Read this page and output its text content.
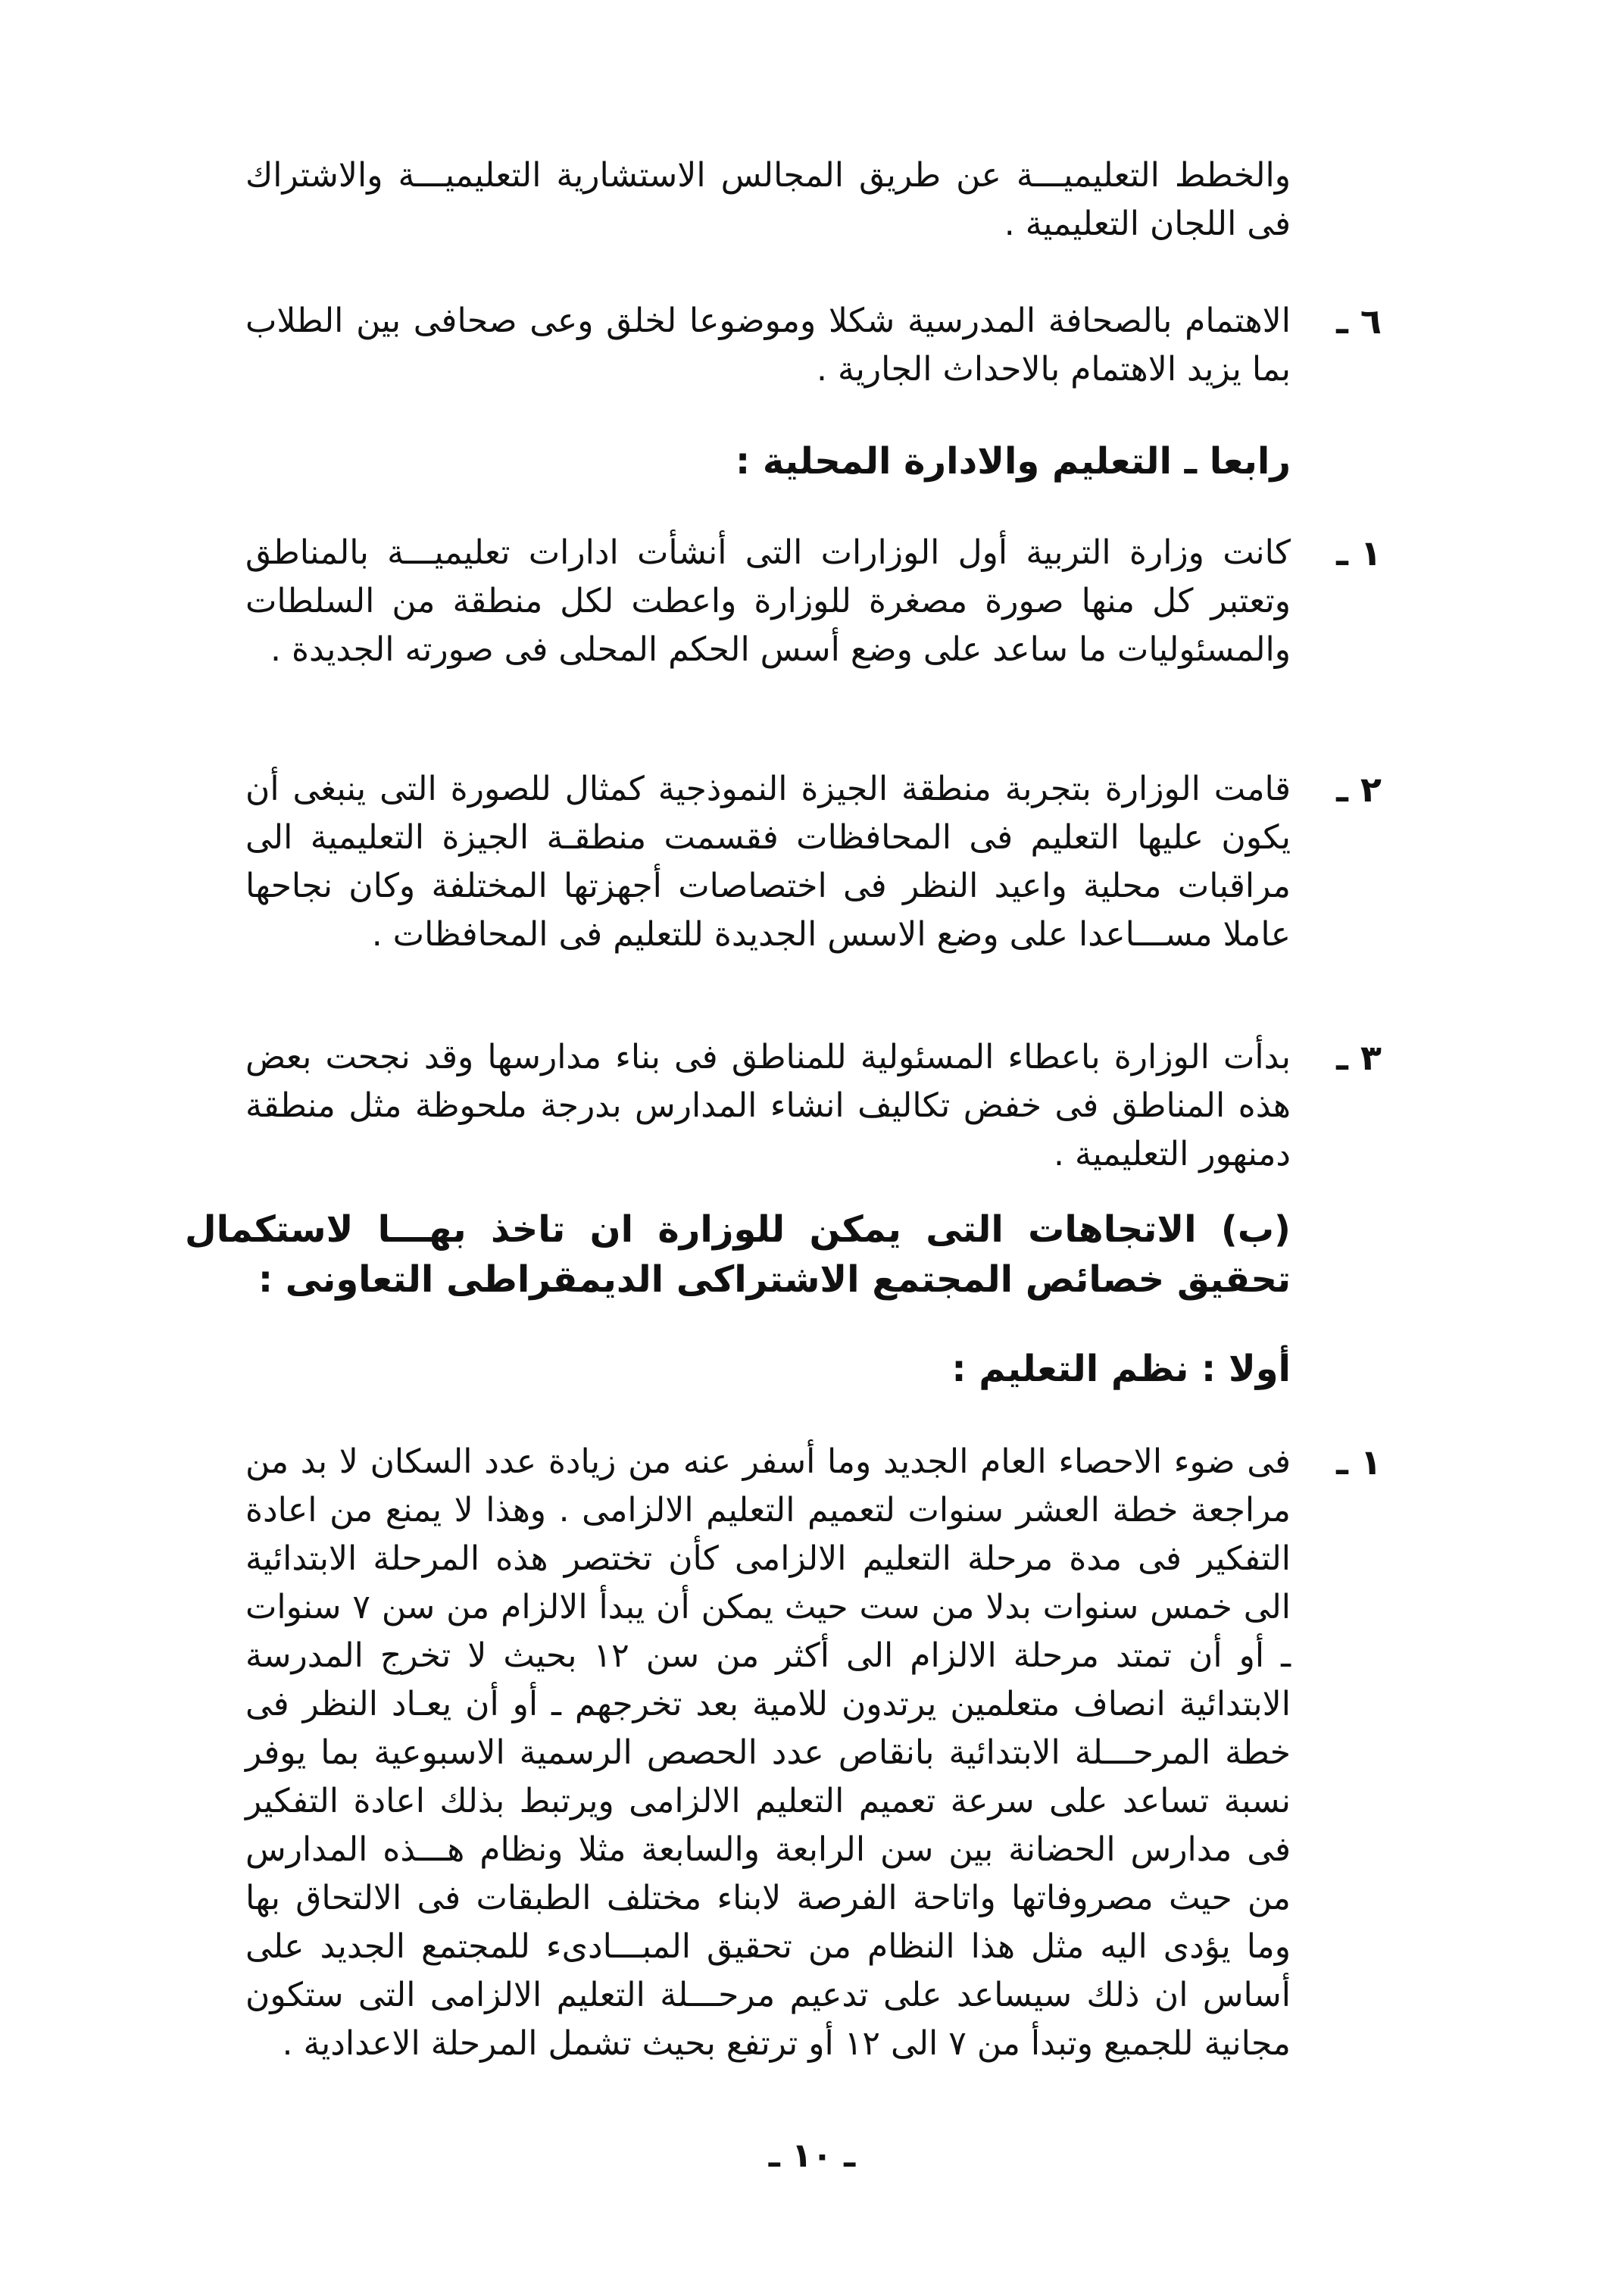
والخطط التعليميـــة عن طريق المجالس الاستشارية التعليميـــة والاشتراك فى اللجان التعليمية .
٦ ـ
الاهتمام بالصحافة المدرسية شكلا وموضوعا لخلق وعى صحافى بين الطلاب بما يزيد الاهتمام بالاحداث الجارية .
رابعا ـ التعليم والادارة المحلية :
١ ـ
كانت وزارة التربية أول الوزارات التى أنشأت ادارات تعليميـــة بالمناطق وتعتبر كل منها صورة مصغرة للوزارة واعطت لكل منطقة من السلطات والمسئوليات ما ساعد على وضع أسس الحكم المحلى فى صورته الجديدة .
٢ ـ
قامت الوزارة بتجربة منطقة الجيزة النموذجية كمثال للصورة التى ينبغى أن يكون عليها التعليم فى المحافظات فقسمت منطقـة الجيزة التعليمية الى مراقبات محلية واعيد النظر فى اختصاصات أجهزتها المختلفة وكان نجاحها عاملا مســـاعدا على وضع الاسس الجديدة للتعليم فى المحافظات .
٣ ـ
بدأت الوزارة باعطاء المسئولية للمناطق فى بناء مدارسها وقد نجحت بعض هذه المناطق فى خفض تكاليف انشاء المدارس بدرجة ملحوظة مثل منطقة دمنهور التعليمية .
(ب) الاتجاهات التى يمكن للوزارة ان تاخذ بهـــا لاستكمال تحقيق خصائص المجتمع الاشتراكى الديمقراطى التعاونى :
أولا : نظم التعليم :
١ ـ
فى ضوء الاحصاء العام الجديد وما أسفر عنه من زيادة عدد السكان لا بد من مراجعة خطة العشر سنوات لتعميم التعليم الالزامى . وهذا لا يمنع من اعادة التفكير فى مدة مرحلة التعليم الالزامى كأن تختصر هذه المرحلة الابتدائية الى خمس سنوات بدلا من ست حيث يمكن أن يبدأ الالزام من سن ٧ سنوات ـ أو أن تمتد مرحلة الالزام الى أكثر من سن ١٢ بحيث لا تخرج المدرسة الابتدائية انصاف متعلمين يرتدون للامية بعد تخرجهم ـ أو أن يعـاد النظر فى خطة المرحـــلة الابتدائية بانقاص عدد الحصص الرسمية الاسبوعية بما يوفر نسبة تساعد على سرعة تعميم التعليم الالزامى ويرتبط بذلك اعادة التفكير فى مدارس الحضانة بين سن الرابعة والسابعة مثلا ونظام هـــذه المدارس من حيث مصروفاتها واتاحة الفرصة لابناء مختلف الطبقات فى الالتحاق بها وما يؤدى اليه مثل هذا النظام من تحقيق المبـــادىء للمجتمع الجديد على أساس ان ذلك سيساعد على تدعيم مرحـــلة التعليم الالزامى التى ستكون مجانية للجميع وتبدأ من ٧ الى ١٢ أو ترتفع بحيث تشمل المرحلة الاعدادية .
ـ ١٠ ـ
